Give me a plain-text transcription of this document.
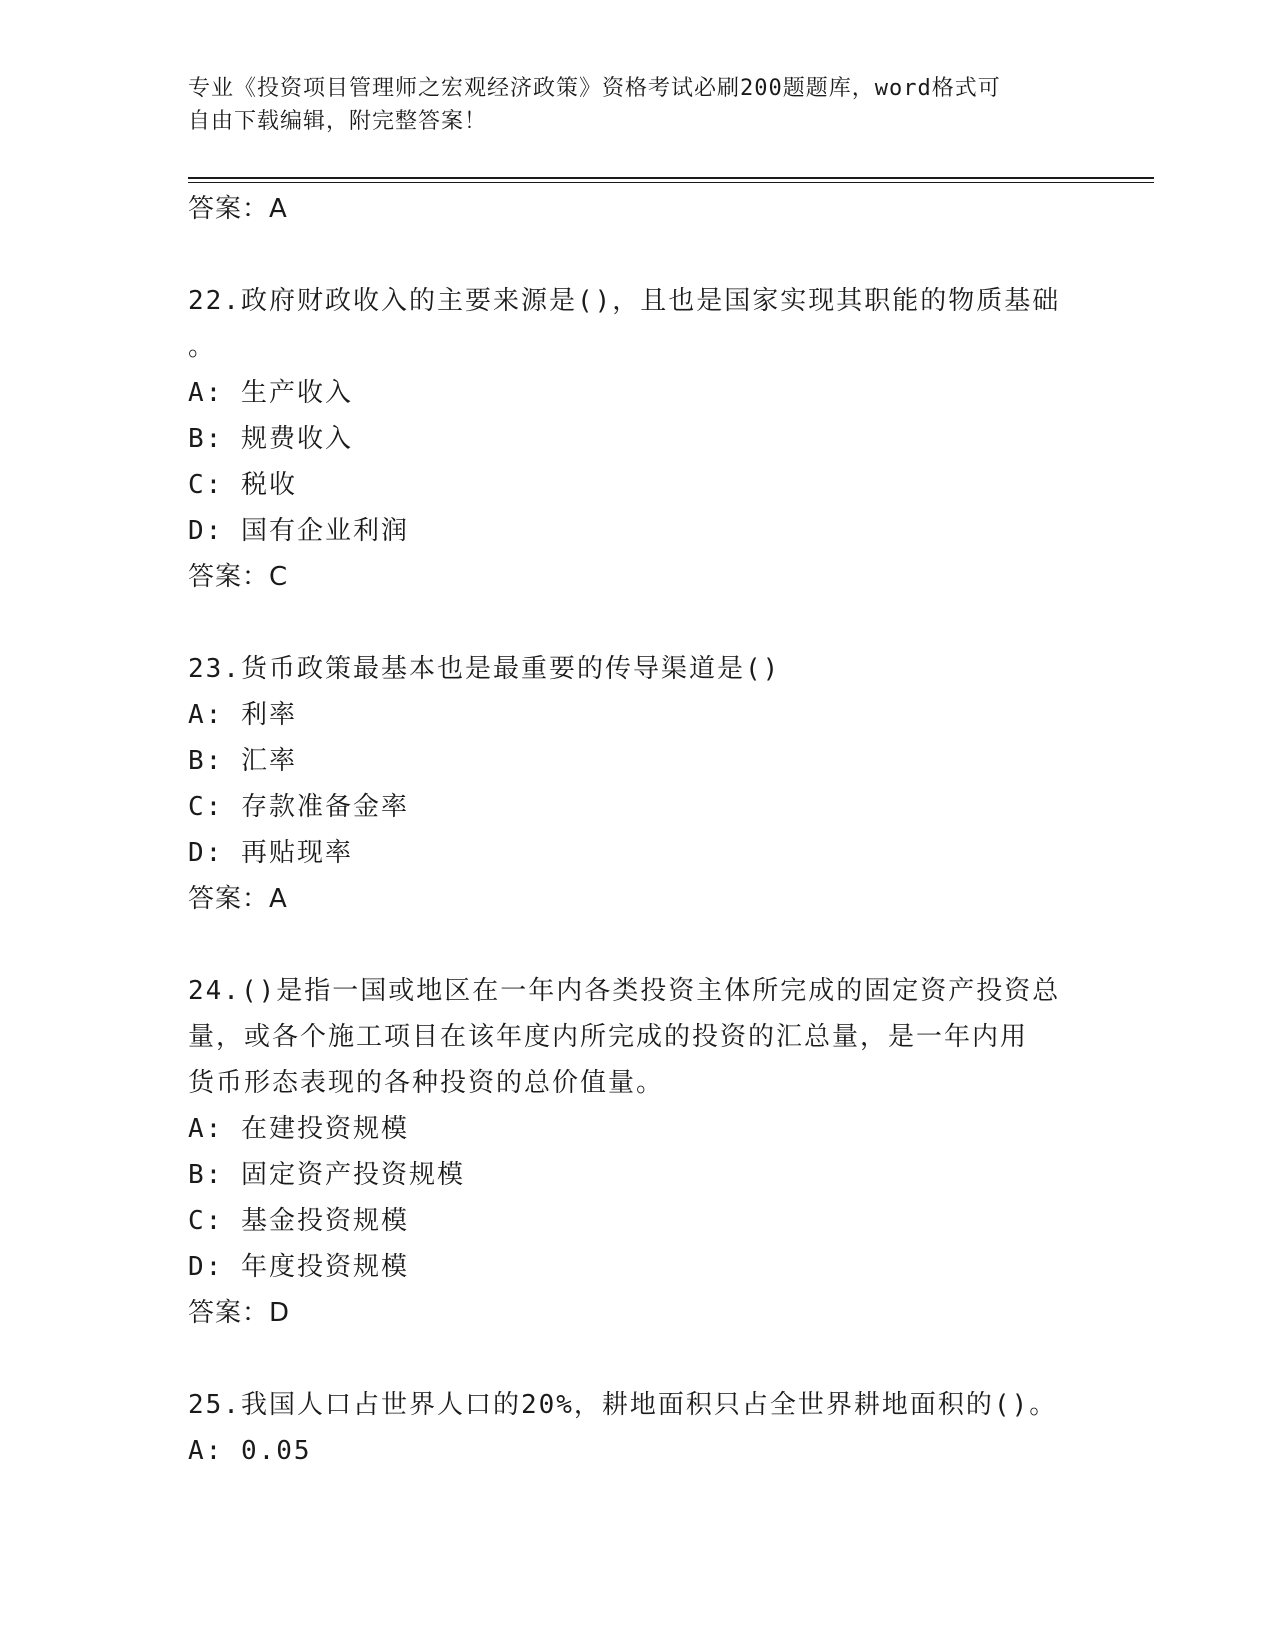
专业《投资项目管理师之宏观经济政策》资格考试必刷200题题库，word格式可
自由下载编辑，附完整答案！
答案：A
22.政府财政收入的主要来源是()，且也是国家实现其职能的物质基础
。
A: 生产收入
B: 规费收入
C: 税收
D: 国有企业利润
答案：C
23.货币政策最基本也是最重要的传导渠道是()
A: 利率
B: 汇率
C: 存款准备金率
D: 再贴现率
答案：A
24.()是指一国或地区在一年内各类投资主体所完成的固定资产投资总
量，或各个施工项目在该年度内所完成的投资的汇总量，是一年内用
货币形态表现的各种投资的总价值量。
A: 在建投资规模
B: 固定资产投资规模
C: 基金投资规模
D: 年度投资规模
答案：D
25.我国人口占世界人口的20%，耕地面积只占全世界耕地面积的()。
A: 0.05
